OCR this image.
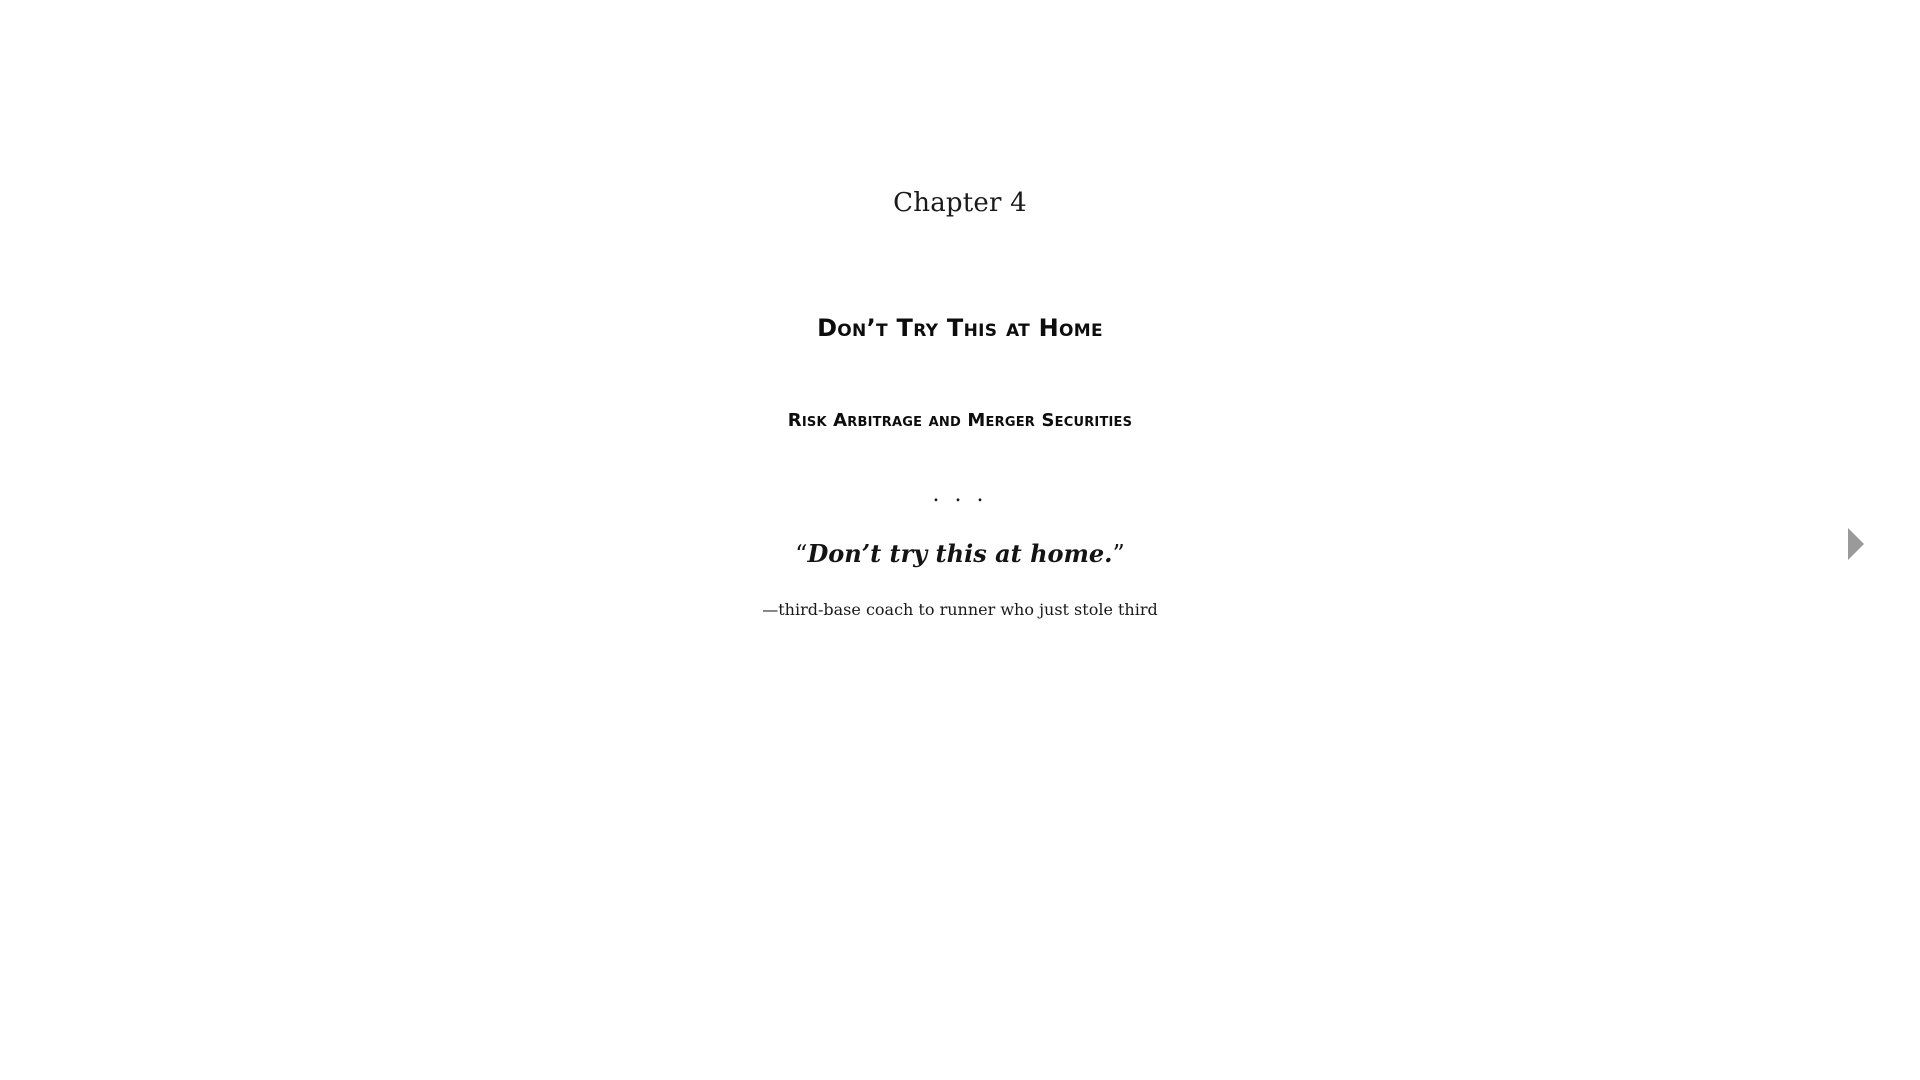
Chapter 4
Don’t Try This at Home
Risk Arbitrage and Merger Securities
. . .
“Don’t try this at home.”
—third-base coach to runner who just stole third
